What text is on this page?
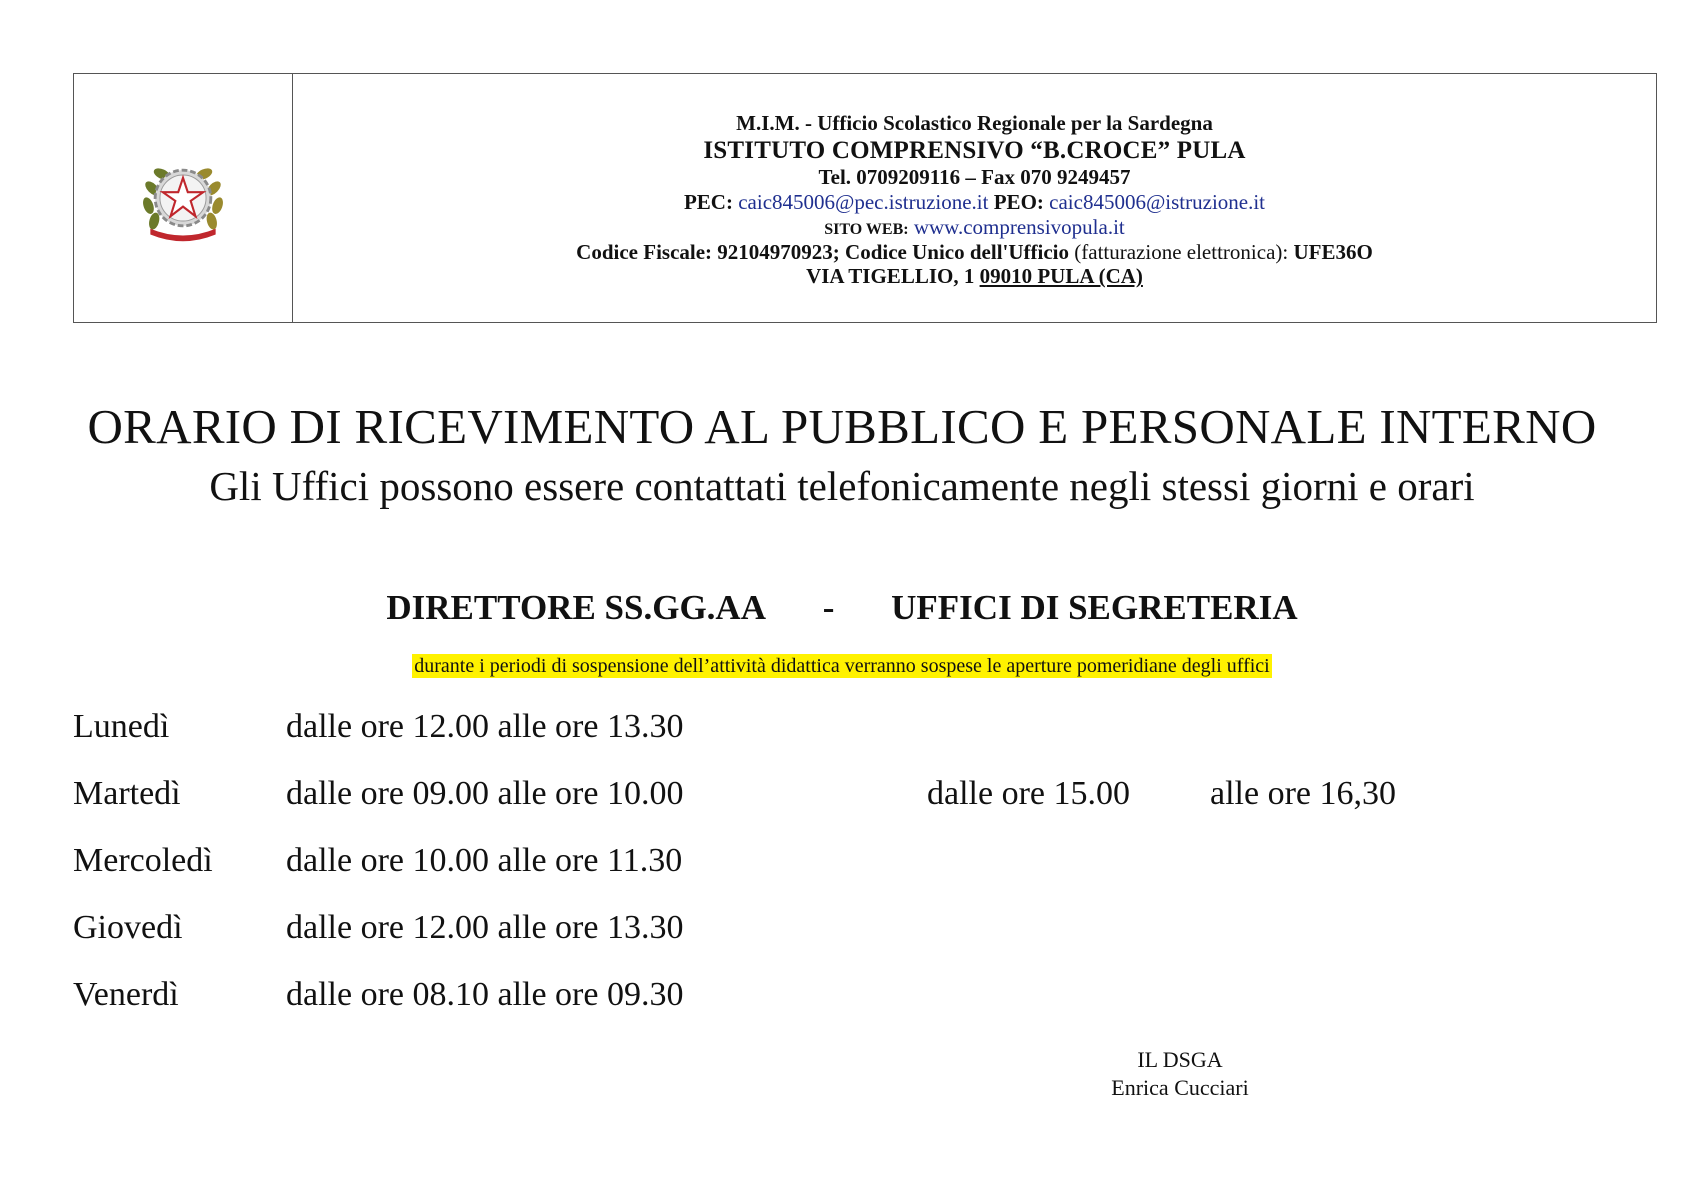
M.I.M. - Ufficio Scolastico Regionale per la Sardegna
ISTITUTO COMPRENSIVO “B.CROCE” PULA
Tel. 0709209116 – Fax 070 9249457
PEC: caic845006@pec.istruzione.it PEO: caic845006@istruzione.it
SITO WEB: www.comprensivopula.it
Codice Fiscale: 92104970923; Codice Unico dell'Ufficio (fatturazione elettronica): UFE36O
VIA TIGELLIO, 1 09010 PULA (CA)
ORARIO DI RICEVIMENTO AL PUBBLICO E PERSONALE INTERNO
Gli Uffici possono essere contattati telefonicamente negli stessi giorni e orari
DIRETTORE SS.GG.AA - UFFICI DI SEGRETERIA
durante i periodi di sospensione dell’attività didattica verranno sospese le aperture pomeridiane degli uffici
Lunedì	dalle ore 12.00 alle ore 13.30
Martedì	dalle ore 09.00 alle ore 10.00	dalle ore 15.00 alle ore 16,30
Mercoledì dalle ore 10.00 alle ore 11.30
Giovedì	dalle ore 12.00 alle ore 13.30
Venerdì	dalle ore 08.10 alle ore 09.30
IL DSGA
Enrica Cucciari
